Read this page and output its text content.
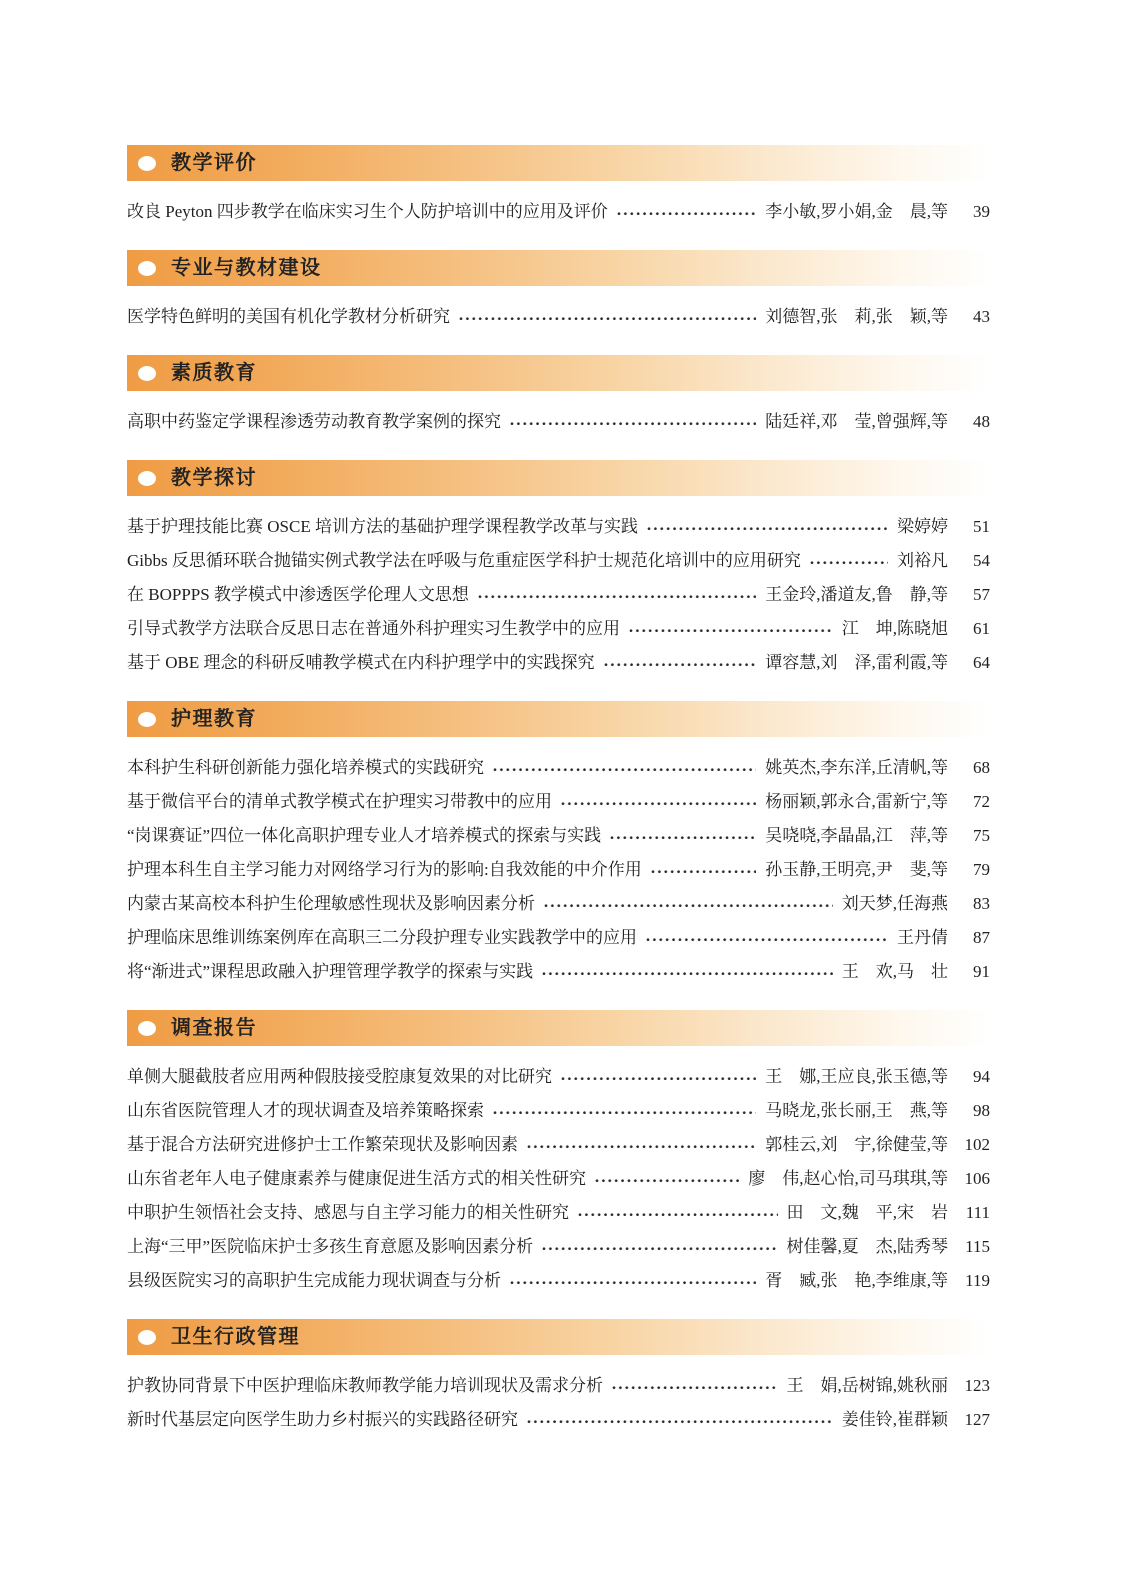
教学评价
改良 Peyton 四步教学在临床实习生个人防护培训中的应用及评价	李小敏,罗小娟,金　晨,等	39
专业与教材建设
医学特色鲜明的美国有机化学教材分析研究	刘德智,张　莉,张　颖,等	43
素质教育
高职中药鉴定学课程渗透劳动教育教学案例的探究	陆廷祥,邓　莹,曾强辉,等	48
教学探讨
基于护理技能比赛 OSCE 培训方法的基础护理学课程教学改革与实践	梁婷婷	51
Gibbs 反思循环联合抛锚实例式教学法在呼吸与危重症医学科护士规范化培训中的应用研究	刘裕凡	54
在 BOPPPS 教学模式中渗透医学伦理人文思想	王金玲,潘道友,鲁　静,等	57
引导式教学方法联合反思日志在普通外科护理实习生教学中的应用	江　坤,陈晓旭	61
基于 OBE 理念的科研反哺教学模式在内科护理学中的实践探究	谭容慧,刘　泽,雷利霞,等	64
护理教育
本科护生科研创新能力强化培养模式的实践研究	姚英杰,李东洋,丘清帆,等	68
基于微信平台的清单式教学模式在护理实习带教中的应用	杨丽颖,郭永合,雷新宁,等	72
“岗课赛证”四位一体化高职护理专业人才培养模式的探索与实践	吴哓哓,李晶晶,江　萍,等	75
护理本科生自主学习能力对网络学习行为的影响:自我效能的中介作用	孙玉静,王明亮,尹　斐,等	79
内蒙古某高校本科护生伦理敏感性现状及影响因素分析	刘天梦,任海燕	83
护理临床思维训练案例库在高职三二分段护理专业实践教学中的应用	王丹倩	87
将“渐进式”课程思政融入护理管理学教学的探索与实践	王　欢,马　壮	91
调查报告
单侧大腿截肢者应用两种假肢接受腔康复效果的对比研究	王　娜,王应良,张玉德,等	94
山东省医院管理人才的现状调查及培养策略探索	马晓龙,张长丽,王　燕,等	98
基于混合方法研究进修护士工作繁荣现状及影响因素	郭桂云,刘　宇,徐健莹,等 102
山东省老年人电子健康素养与健康促进生活方式的相关性研究	廖　伟,赵心怡,司马琪琪,等 106
中职护生领悟社会支持、感恩与自主学习能力的相关性研究	田　文,魏　平,宋　岩	111
上海“三甲”医院临床护士多孩生育意愿及影响因素分析	树佳馨,夏　杰,陆秀琴	115
县级医院实习的高职护生完成能力现状调查与分析	胥　臧,张　艳,李维康,等	119
卫生行政管理
护教协同背景下中医护理临床教师教学能力培训现状及需求分析	王　娟,岳树锦,姚秋丽 123
新时代基层定向医学生助力乡村振兴的实践路径研究	姜佳铃,崔群颖 127
